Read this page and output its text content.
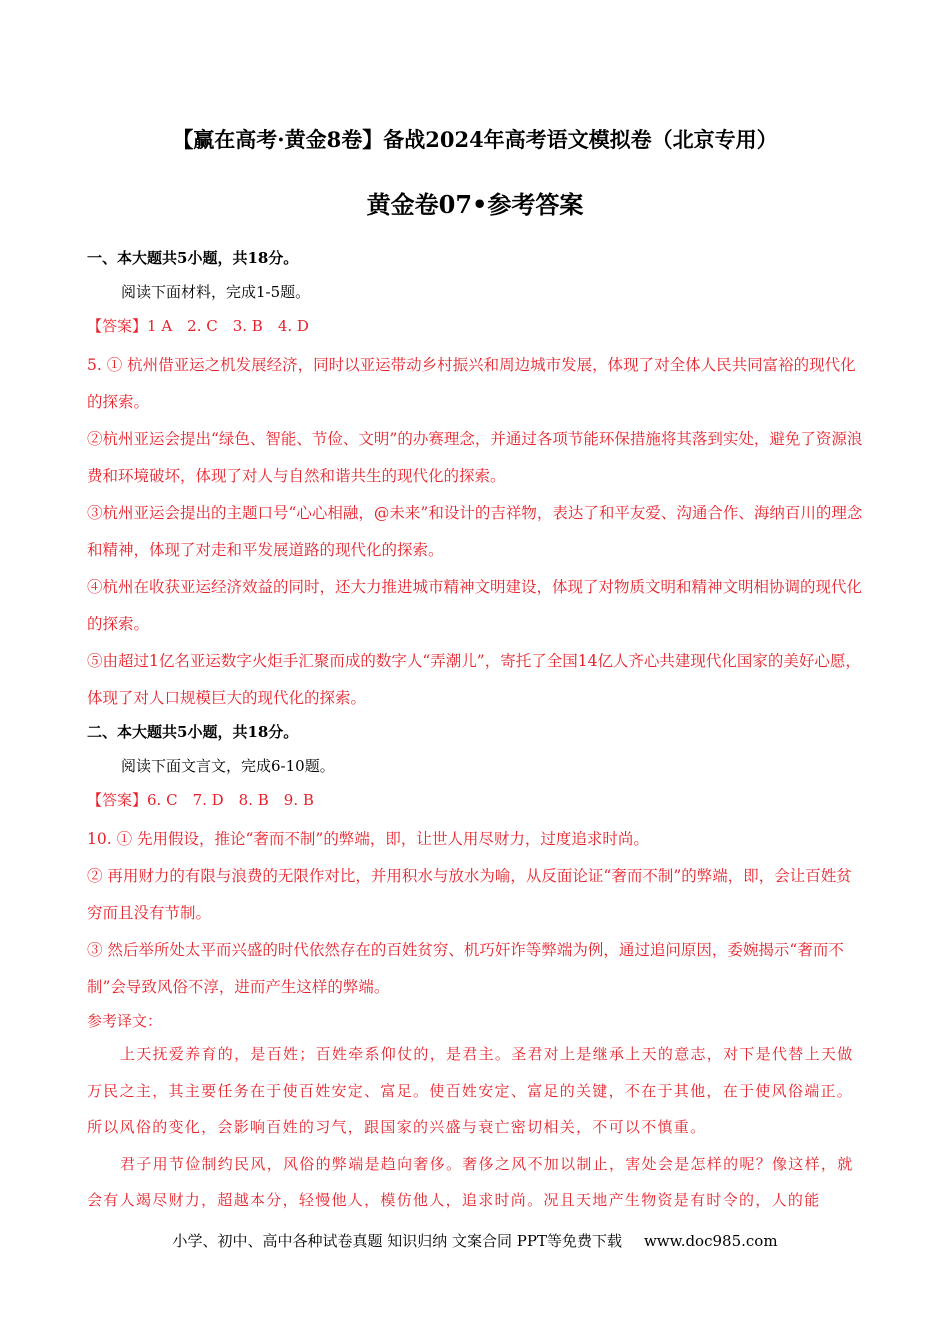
【赢在高考·黄金8卷】备战2024年高考语文模拟卷（北京专用）
黄金卷07•参考答案
一、本大题共5小题，共18分。
阅读下面材料，完成1-5题。
【答案】1 A　2. C　3. B　4. D
5. ① 杭州借亚运之机发展经济，同时以亚运带动乡村振兴和周边城市发展，体现了对全体人民共同富裕的现代化的探索。
②杭州亚运会提出“绿色、智能、节俭、文明”的办赛理念，并通过各项节能环保措施将其落到实处，避免了资源浪费和环境破坏，体现了对人与自然和谐共生的现代化的探索。
③杭州亚运会提出的主题口号“心心相融，@未来”和设计的吉祥物，表达了和平友爱、沟通合作、海纳百川的理念和精神，体现了对走和平发展道路的现代化的探索。
④杭州在收获亚运经济效益的同时，还大力推进城市精神文明建设，体现了对物质文明和精神文明相协调的现代化的探索。
⑤由超过1亿名亚运数字火炬手汇聚而成的数字人“弄潮儿”，寄托了全国14亿人齐心共建现代化国家的美好心愿，体现了对人口规模巨大的现代化的探索。
二、本大题共5小题，共18分。
阅读下面文言文，完成6-10题。
【答案】6. C　7. D　8. B　9. B
10. ① 先用假设，推论“奢而不制”的弊端，即，让世人用尽财力，过度追求时尚。
② 再用财力的有限与浪费的无限作对比，并用积水与放水为喻，从反面论证“奢而不制”的弊端，即，会让百姓贫穷而且没有节制。
③ 然后举所处太平而兴盛的时代依然存在的百姓贫穷、机巧奸诈等弊端为例，通过追问原因，委婉揭示“奢而不制”会导致风俗不淳，进而产生这样的弊端。
参考译文：
上天抚爱养育的，是百姓；百姓牵系仰仗的，是君主。圣君对上是继承上天的意志，对下是代替上天做万民之主，其主要任务在于使百姓安定、富足。使百姓安定、富足的关键，不在于其他，在于使风俗端正。所以风俗的变化，会影响百姓的习气，跟国家的兴盛与衰亡密切相关，不可以不慎重。
君子用节俭制约民风，风俗的弊端是趋向奢侈。奢侈之风不加以制止，害处会是怎样的呢？像这样，就会有人竭尽财力，超越本分，轻慢他人，模仿他人，追求时尚。况且天地产生物资是有时令的，人的能
小学、初中、高中各种试卷真题 知识归纳 文案合同 PPT等免费下载 www.doc985.com
